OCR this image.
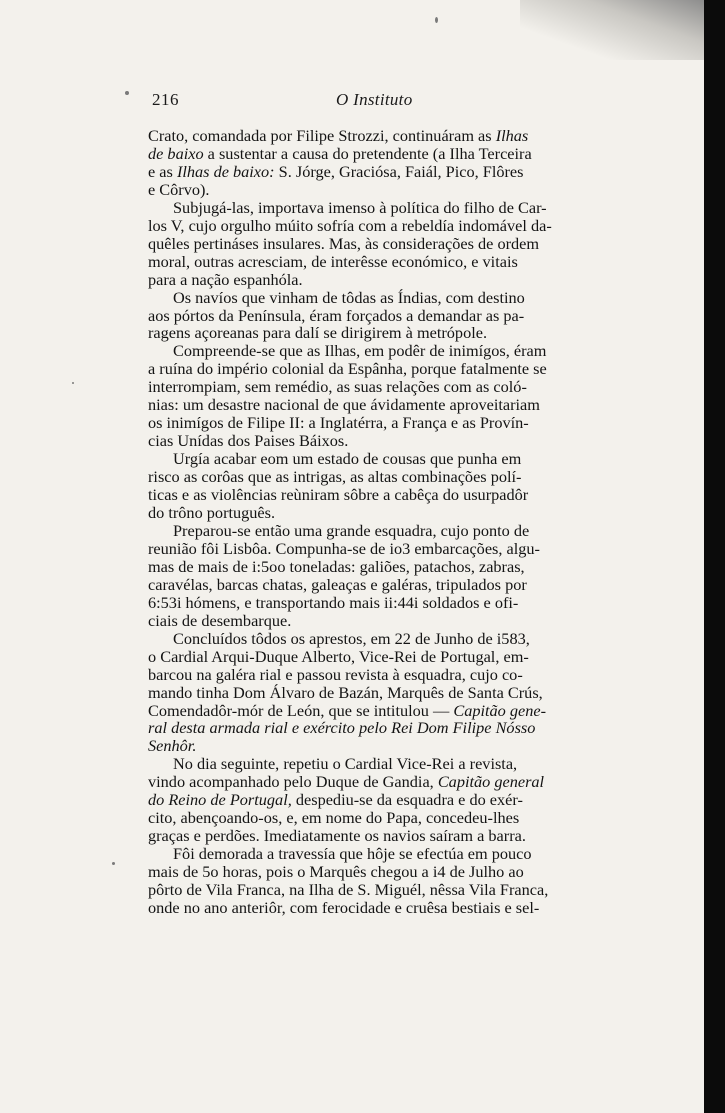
216	O Instituto
Crato, comandada por Filipe Strozzi, continuáram as Ilhas
de baixo a sustentar a causa do pretendente (a Ilha Terceira
e as Ilhas de baixo: S. Jórge, Graciósa, Faiál, Pico, Flôres
e Côrvo).
Subjugá-las, importava imenso à política do filho de Car-
los V, cujo orgulho múito sofría com a rebeldía indomável da-
quêles pertináses insulares. Mas, às considerações de ordem
moral, outras acresciam, de interêsse económico, e vitais
para a nação espanhóla.
Os navíos que vinham de tôdas as Índias, com destino
aos pórtos da Península, éram forçados a demandar as pa-
ragens açoreanas para dalí se dirigirem à metrópole.
Compreende-se que as Ilhas, em podêr de inimígos, éram
a ruína do império colonial da Espânha, porque fatalmente se
interrompiam, sem remédio, as suas relações com as coló-
nias: um desastre nacional de que ávidamente aproveitariam
os inimígos de Filipe II: a Inglatérra, a França e as Provín-
cias Unídas dos Paises Báixos.
Urgía acabar eom um estado de cousas que punha em
risco as corôas que as intrigas, as altas combinações polí-
ticas e as violências reùniram sôbre a cabêça do usurpadôr
do trôno português.
Preparou-se então uma grande esquadra, cujo ponto de
reunião fôi Lisbôa. Compunha-se de io3 embarcações, algu-
mas de mais de i:5oo toneladas: galiões, patachos, zabras,
caravélas, barcas chatas, galeaças e galéras, tripulados por
6:53i hómens, e transportando mais ii:44i soldados e ofi-
ciais de desembarque.
Concluídos tôdos os aprestos, em 22 de Junho de i583,
o Cardial Arqui-Duque Alberto, Vice-Rei de Portugal, em-
barcou na galéra rial e passou revista à esquadra, cujo co-
mando tinha Dom Álvaro de Bazán, Marquês de Santa Crús,
Comendadôr-mór de León, que se intitulou — Capitão gene-
ral desta armada rial e exército pelo Rei Dom Filipe Nósso
Senhôr.
No dia seguinte, repetiu o Cardial Vice-Rei a revista,
vindo acompanhado pelo Duque de Gandia, Capitão general
do Reino de Portugal, despediu-se da esquadra e do exér-
cito, abençoando-os, e, em nome do Papa, concedeu-lhes
graças e perdões. Imediatamente os navios saíram a barra.
Fôi demorada a travessía que hôje se efectúa em pouco
mais de 5o horas, pois o Marquês chegou a i4 de Julho ao
pôrto de Vila Franca, na Ilha de S. Miguél, nêssa Vila Franca,
onde no ano anteriôr, com ferocidade e cruêsa bestiais e sel-
